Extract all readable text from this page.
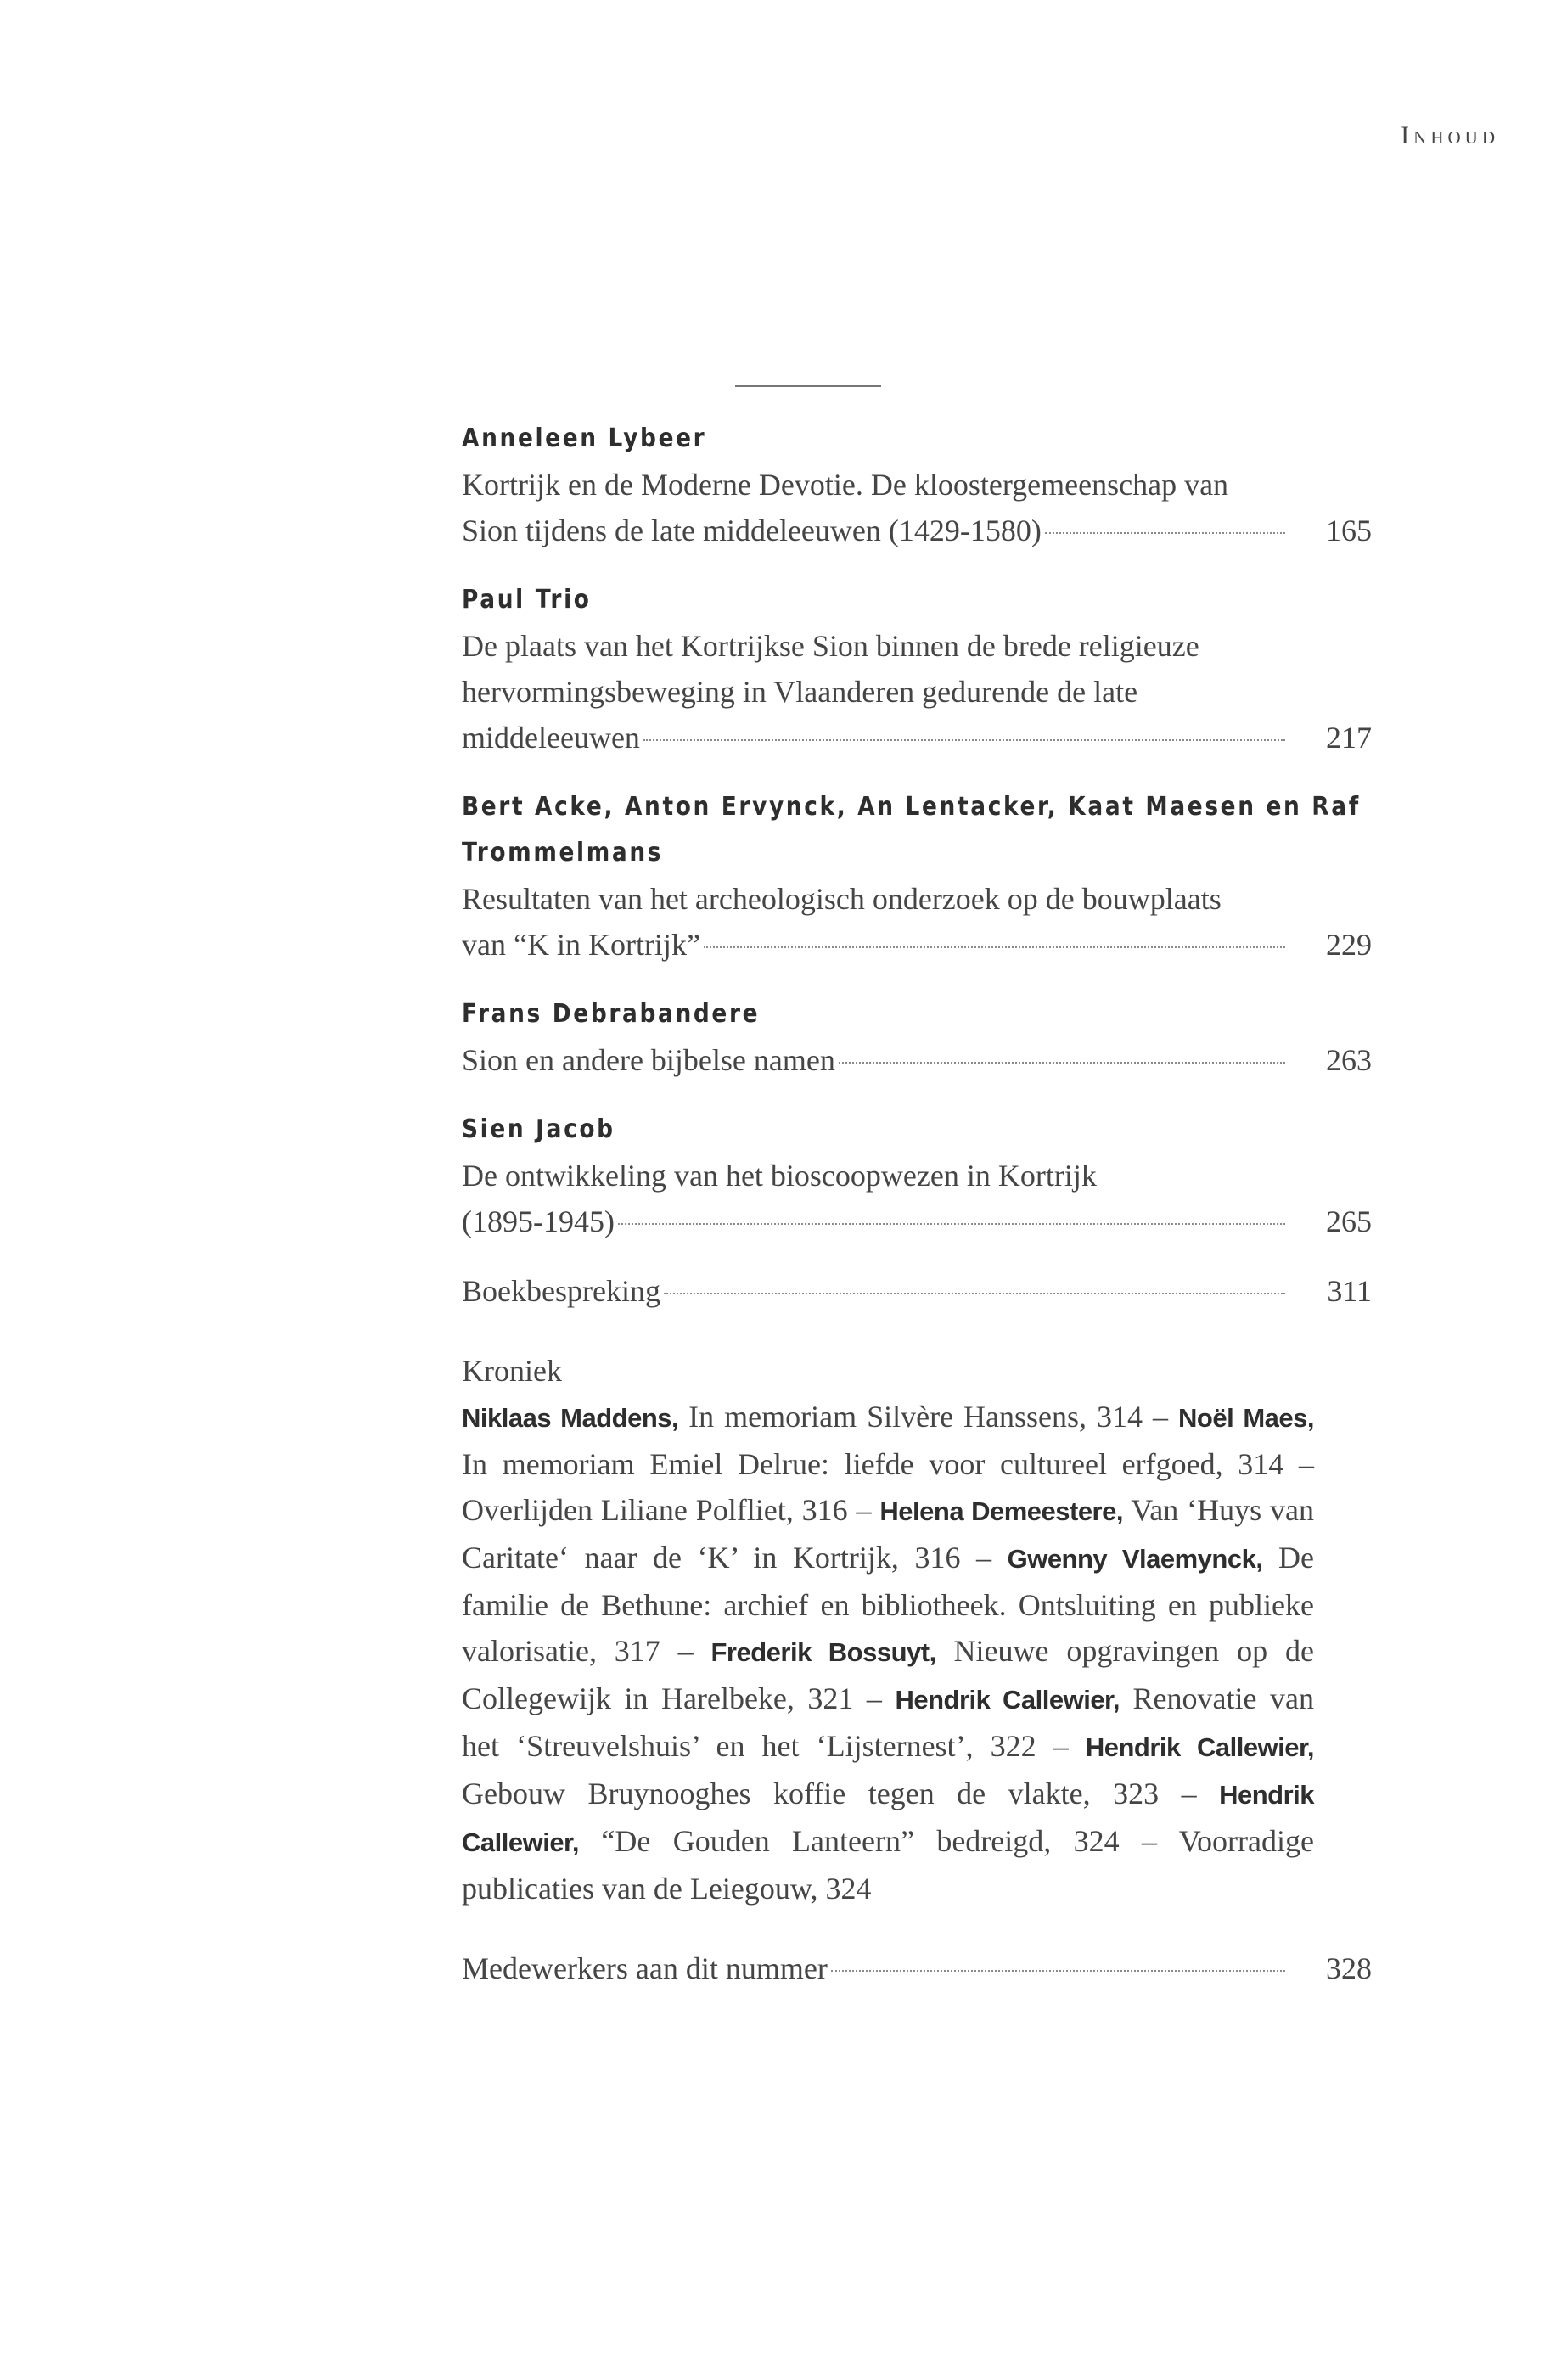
Inhoud
Anneleen Lybeer
Kortrijk en de Moderne Devotie. De kloostergemeenschap van
Sion tijdens de late middeleeuwen (1429-1580)	165
Paul Trio
De plaats van het Kortrijkse Sion binnen de brede religieuze
hervormingsbeweging in Vlaanderen gedurende de late
middeleeuwen	217
Bert Acke, Anton Ervynck, An Lentacker, Kaat Maesen en Raf
Trommelmans
Resultaten van het archeologisch onderzoek op de bouwplaats
van “K in Kortrijk”	229
Frans Debrabandere
Sion en andere bijbelse namen	263
Sien Jacob
De ontwikkeling van het bioscoopwezen in Kortrijk
(1895-1945)	265
Boekbespreking	311
Kroniek
Niklaas Maddens, In memoriam Silvère Hanssens, 314 – Noël Maes, In memoriam Emiel Delrue: liefde voor cultureel erfgoed, 314 – Overlijden Liliane Polfliet, 316 – Helena Demeestere, Van ‘Huys van Caritate‘ naar de ‘K’ in Kortrijk, 316 – Gwenny Vlaemynck, De familie de Bethune: archief en bibliotheek. Ontsluiting en publieke valorisatie, 317 – Frederik Bossuyt, Nieuwe opgravingen op de Collegewijk in Harelbeke, 321 – Hendrik Callewier, Renovatie van het ‘Streuvelshuis’ en het ‘Lijsternest’, 322 – Hendrik Callewier, Gebouw Bruynooghes koffie tegen de vlakte, 323 – Hendrik Callewier, “De Gouden Lanteern” bedreigd, 324 – Voorradige publicaties van de Leiegouw, 324
Medewerkers aan dit nummer	328
